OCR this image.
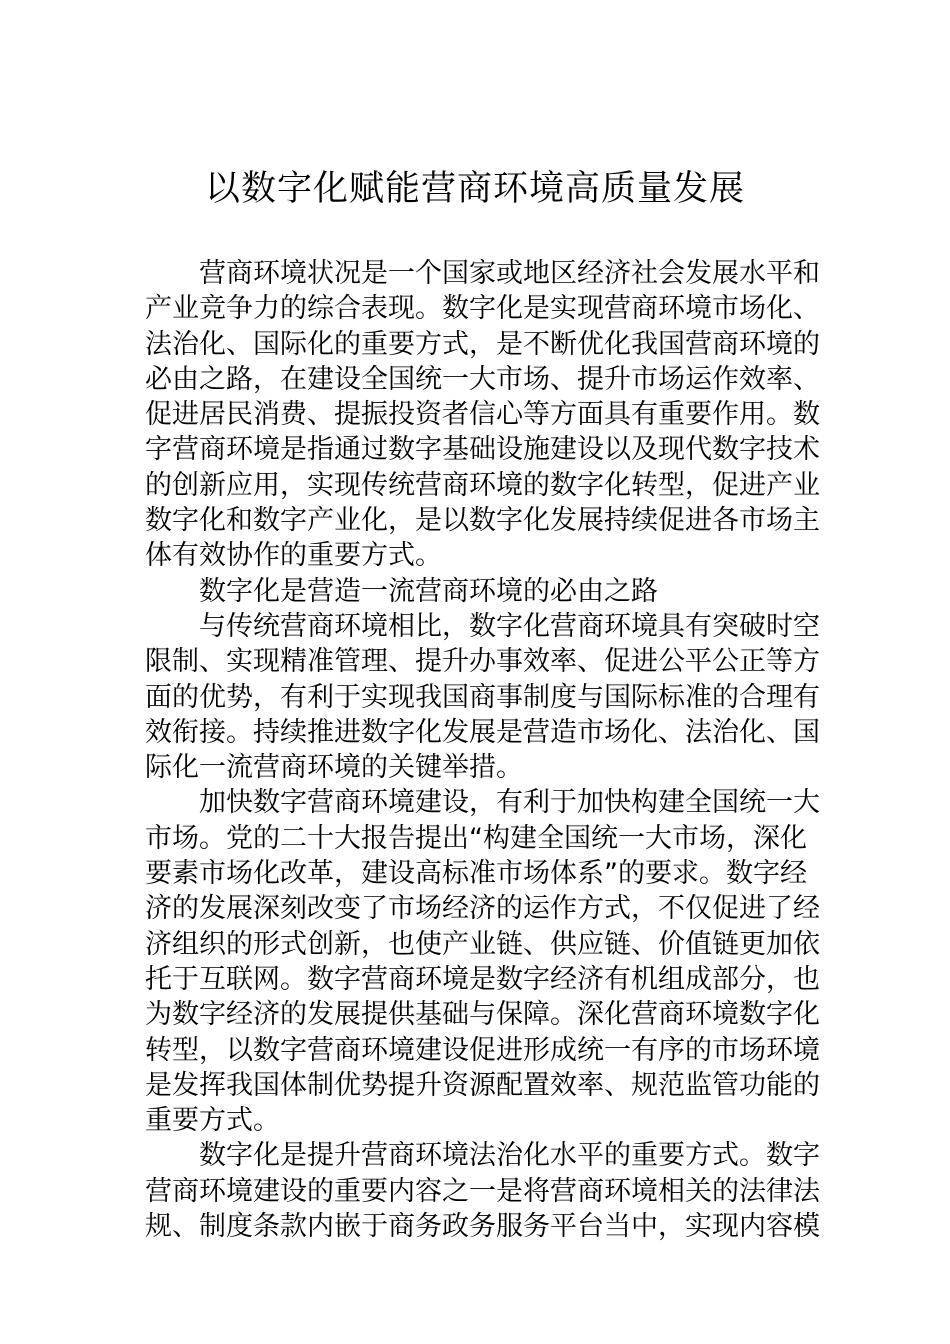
以数字化赋能营商环境高质量发展

营商环境状况是一个国家或地区经济社会发展水平和
产业竞争力的综合表现。数字化是实现营商环境市场化、
法治化、国际化的重要方式，是不断优化我国营商环境的
必由之路，在建设全国统一大市场、提升市场运作效率、
促进居民消费、提振投资者信心等方面具有重要作用。数
字营商环境是指通过数字基础设施建设以及现代数字技术
的创新应用，实现传统营商环境的数字化转型，促进产业
数字化和数字产业化，是以数字化发展持续促进各市场主
体有效协作的重要方式。

数字化是营造一流营商环境的必由之路

与传统营商环境相比，数字化营商环境具有突破时空
限制、实现精准管理、提升办事效率、促进公平公正等方
面的优势，有利于实现我国商事制度与国际标准的合理有
效衔接。持续推进数字化发展是营造市场化、法治化、国
际化一流营商环境的关键举措。

加快数字营商环境建设，有利于加快构建全国统一大
市场。党的二十大报告提出“构建全国统一大市场，深化
要素市场化改革，建设高标准市场体系”的要求。数字经
济的发展深刻改变了市场经济的运作方式，不仅促进了经
济组织的形式创新，也使产业链、供应链、价值链更加依
托于互联网。数字营商环境是数字经济有机组成部分，也
为数字经济的发展提供基础与保障。深化营商环境数字化
转型，以数字营商环境建设促进形成统一有序的市场环境
是发挥我国体制优势提升资源配置效率、规范监管功能的
重要方式。

数字化是提升营商环境法治化水平的重要方式。数字
营商环境建设的重要内容之一是将营商环境相关的法律法
规、制度条款内嵌于商务政务服务平台当中，实现内容模
